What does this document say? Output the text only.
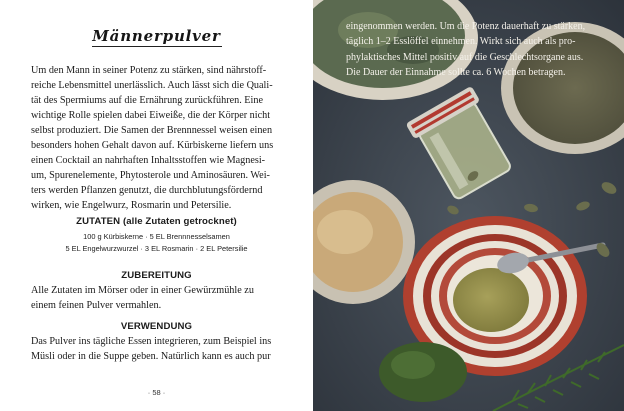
Männerpulver
Um den Mann in seiner Potenz zu stärken, sind nährstoff-
reiche Lebensmittel unerlässlich. Auch lässt sich die Quali-
tät des Spermiums auf die Ernährung zurückführen. Eine
wichtige Rolle spielen dabei Eiweiße, die der Körper nicht
selbst produziert. Die Samen der Brennnessel weisen einen
besonders hohen Gehalt davon auf. Kürbiskerne liefern uns
einen Cocktail an nahrhaften Inhaltsstoffen wie Magnesi-
um, Spurenelemente, Phytosterole und Aminosäuren. Wei-
ters werden Pflanzen genutzt, die durchblutungsfördernd
wirken, wie Engelwurz, Rosmarin und Petersilie.
ZUTATEN (alle Zutaten getrocknet)
100 g Kürbiskerne · 5 EL Brennnesselsamen
5 EL Engelwurzwurzel · 3 EL Rosmarin · 2 EL Petersilie
ZUBEREITUNG
Alle Zutaten im Mörser oder in einer Gewürzmühle zu
einem feinen Pulver vermahlen.
VERWENDUNG
Das Pulver ins tägliche Essen integrieren, zum Beispiel ins
Müsli oder in die Suppe geben. Natürlich kann es auch pur
· 58 ·
eingenommen werden. Um die Potenz dauerhaft zu stärken,
täglich 1–2 Esslöffel einnehmen. Wirkt sich auch als pro-
phylaktisches Mittel positiv auf die Geschlechtsorgane aus.
Die Dauer der Einnahme sollte ca. 6 Wochen betragen.
